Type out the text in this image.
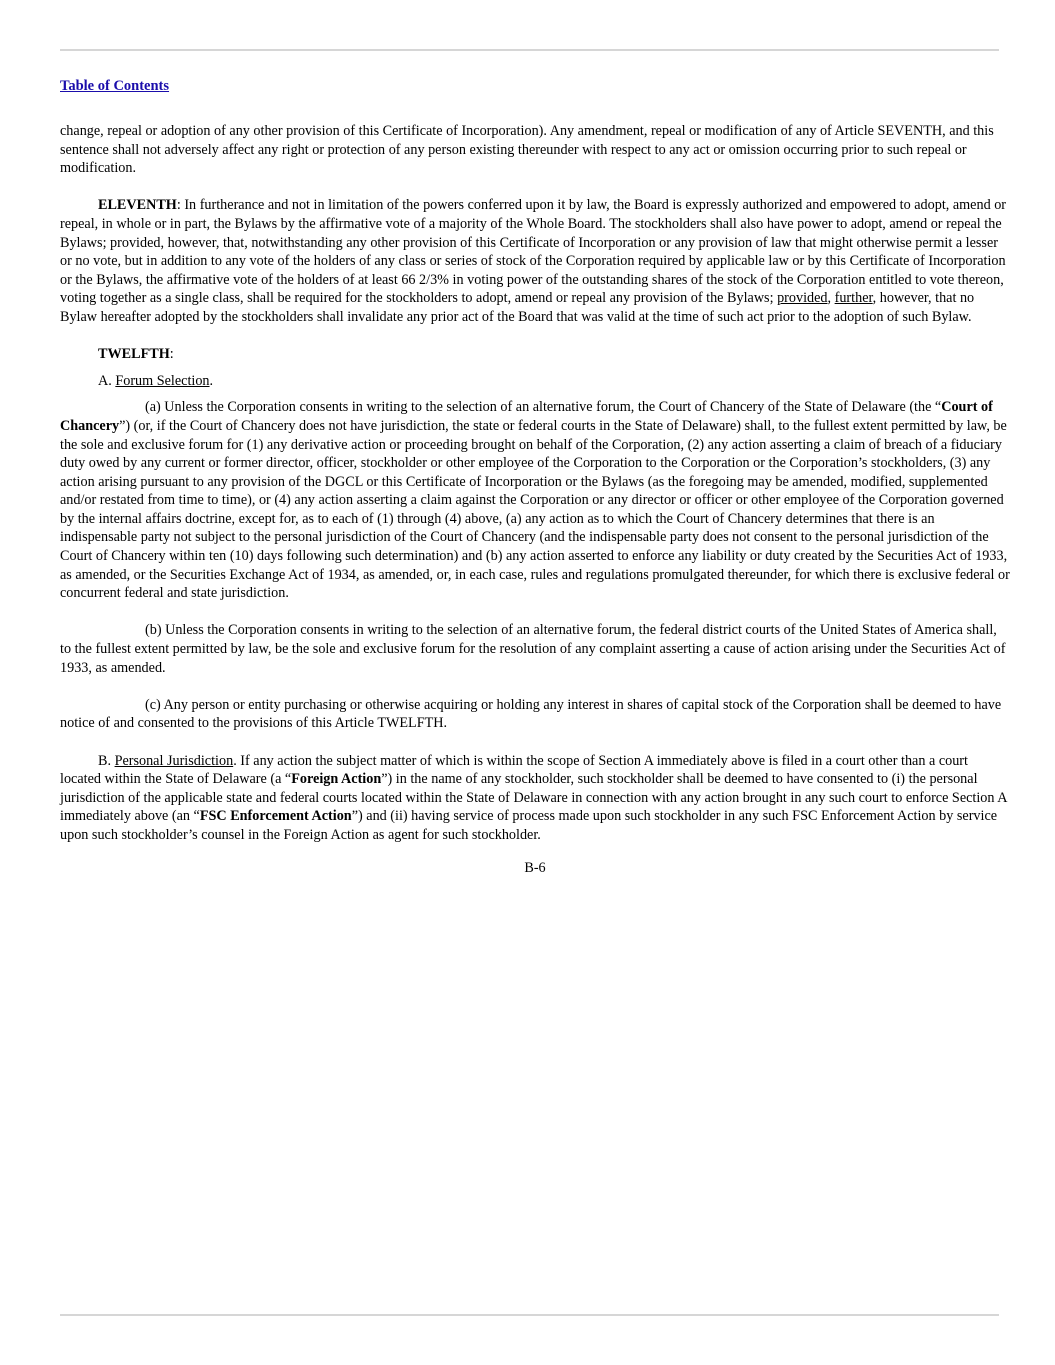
Table of Contents

change, repeal or adoption of any other provision of this Certificate of Incorporation). Any amendment, repeal or modification of any of Article SEVENTH, and this sentence shall not adversely affect any right or protection of any person existing thereunder with respect to any act or omission occurring prior to such repeal or modification.

ELEVENTH: In furtherance and not in limitation of the powers conferred upon it by law, the Board is expressly authorized and empowered to adopt, amend or repeal, in whole or in part, the Bylaws by the affirmative vote of a majority of the Whole Board. The stockholders shall also have power to adopt, amend or repeal the Bylaws; provided, however, that, notwithstanding any other provision of this Certificate of Incorporation or any provision of law that might otherwise permit a lesser or no vote, but in addition to any vote of the holders of any class or series of stock of the Corporation required by applicable law or by this Certificate of Incorporation or the Bylaws, the affirmative vote of the holders of at least 66 2/3% in voting power of the outstanding shares of the stock of the Corporation entitled to vote thereon, voting together as a single class, shall be required for the stockholders to adopt, amend or repeal any provision of the Bylaws; provided, further, however, that no Bylaw hereafter adopted by the stockholders shall invalidate any prior act of the Board that was valid at the time of such act prior to the adoption of such Bylaw.

TWELFTH:

A. Forum Selection.

(a) Unless the Corporation consents in writing to the selection of an alternative forum, the Court of Chancery of the State of Delaware (the “Court of Chancery”) (or, if the Court of Chancery does not have jurisdiction, the state or federal courts in the State of Delaware) shall, to the fullest extent permitted by law, be the sole and exclusive forum for (1) any derivative action or proceeding brought on behalf of the Corporation, (2) any action asserting a claim of breach of a fiduciary duty owed by any current or former director, officer, stockholder or other employee of the Corporation to the Corporation or the Corporation’s stockholders, (3) any action arising pursuant to any provision of the DGCL or this Certificate of Incorporation or the Bylaws (as the foregoing may be amended, modified, supplemented and/or restated from time to time), or (4) any action asserting a claim against the Corporation or any director or officer or other employee of the Corporation governed by the internal affairs doctrine, except for, as to each of (1) through (4) above, (a) any action as to which the Court of Chancery determines that there is an indispensable party not subject to the personal jurisdiction of the Court of Chancery (and the indispensable party does not consent to the personal jurisdiction of the Court of Chancery within ten (10) days following such determination) and (b) any action asserted to enforce any liability or duty created by the Securities Act of 1933, as amended, or the Securities Exchange Act of 1934, as amended, or, in each case, rules and regulations promulgated thereunder, for which there is exclusive federal or concurrent federal and state jurisdiction.

(b) Unless the Corporation consents in writing to the selection of an alternative forum, the federal district courts of the United States of America shall, to the fullest extent permitted by law, be the sole and exclusive forum for the resolution of any complaint asserting a cause of action arising under the Securities Act of 1933, as amended.

(c) Any person or entity purchasing or otherwise acquiring or holding any interest in shares of capital stock of the Corporation shall be deemed to have notice of and consented to the provisions of this Article TWELFTH.

B. Personal Jurisdiction. If any action the subject matter of which is within the scope of Section A immediately above is filed in a court other than a court located within the State of Delaware (a “Foreign Action”) in the name of any stockholder, such stockholder shall be deemed to have consented to (i) the personal jurisdiction of the applicable state and federal courts located within the State of Delaware in connection with any action brought in any such court to enforce Section A immediately above (an “FSC Enforcement Action”) and (ii) having service of process made upon such stockholder in any such FSC Enforcement Action by service upon such stockholder’s counsel in the Foreign Action as agent for such stockholder.

B-6
